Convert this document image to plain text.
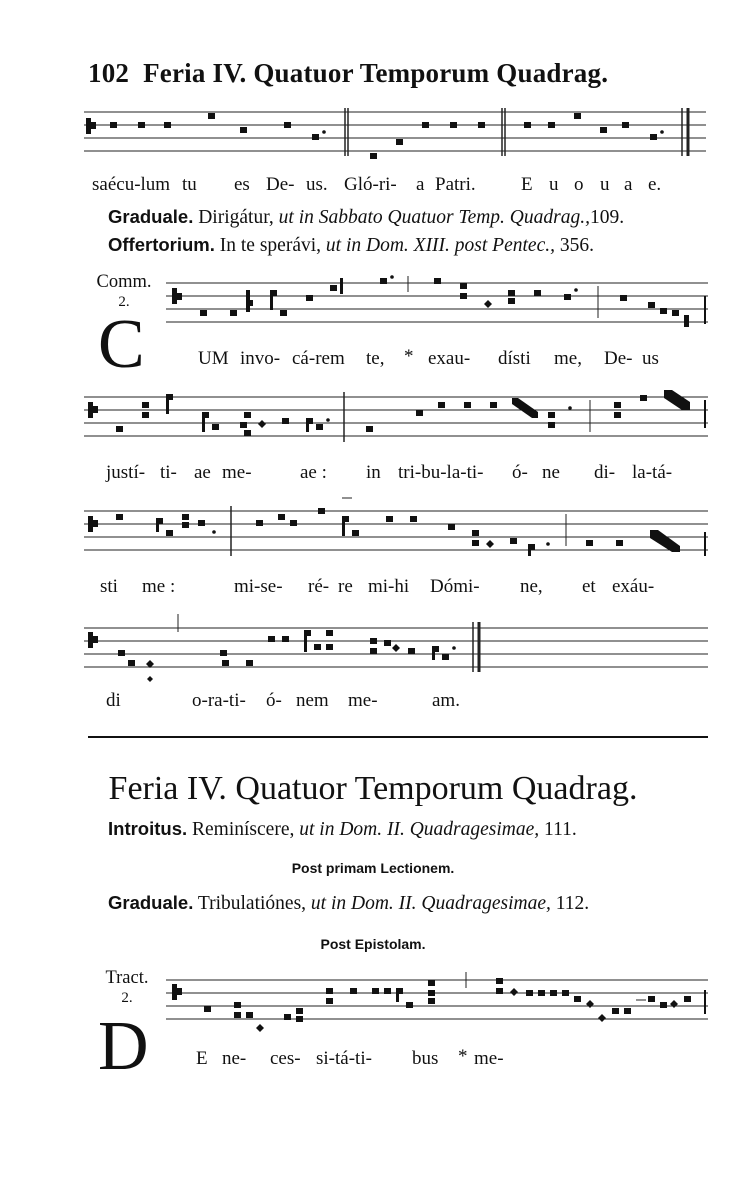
102 Feria IV. Quatuor Temporum Quadrag.
saécu-lum tu es De- us. Gló-ri- a Patri. E u o u a e.
Graduale. Dirigátur, ut in Sabbato Quatuor Temp. Quadrag.,109.
Offertorium. In te sperávi, ut in Dom. XIII. post Pentec., 356.
Comm.
2.
C	UM invo- cá-rem te, * exau- dísti me, De- us
justí- ti- ae me-	ae : in tri-bu-la-ti- ó- ne di- la-tá-
sti me :	mi-se- ré- re mi-hi Dómi- ne, et exáu-
di	o-ra-ti- ó- nem me-	am.
Feria IV. Quatuor Temporum Quadrag.
Introitus. Reminíscere, ut in Dom. II. Quadragesimae, 111.
Post primam Lectionem.
Graduale. Tribulatiónes, ut in Dom. II. Quadragesimae, 112.
Post Epistolam.
Tract.
2.
D E ne- ces- si-tá-ti- bus * me-
